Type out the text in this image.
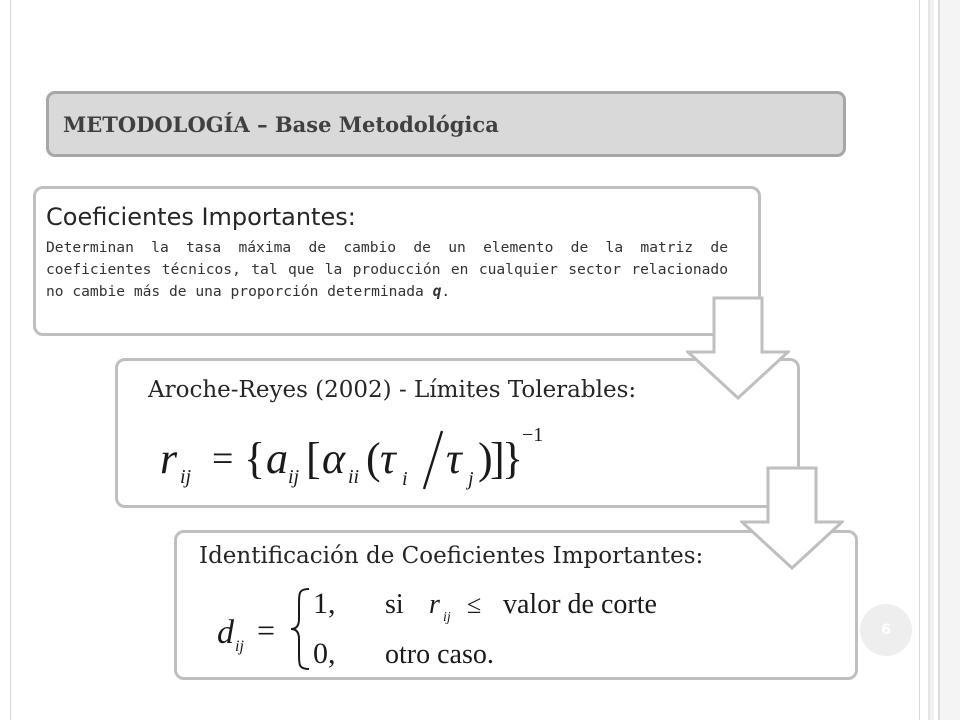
METODOLOGÍA – Base Metodológica
Coeficientes Importantes:
Determinan la tasa máxima de cambio de un elemento de la matriz de coeficientes técnicos, tal que la producción en cualquier sector relacionado no cambie más de una proporción determinada q.
Aroche-Reyes (2002) - Límites Tolerables:
r ij = { a ij [ α ii ( τ i τ j )
]
}
−1
Identificación de Coeficientes Importantes:
d ij =
1, si r ij ≤ valor de corte
0, otro caso.
6
